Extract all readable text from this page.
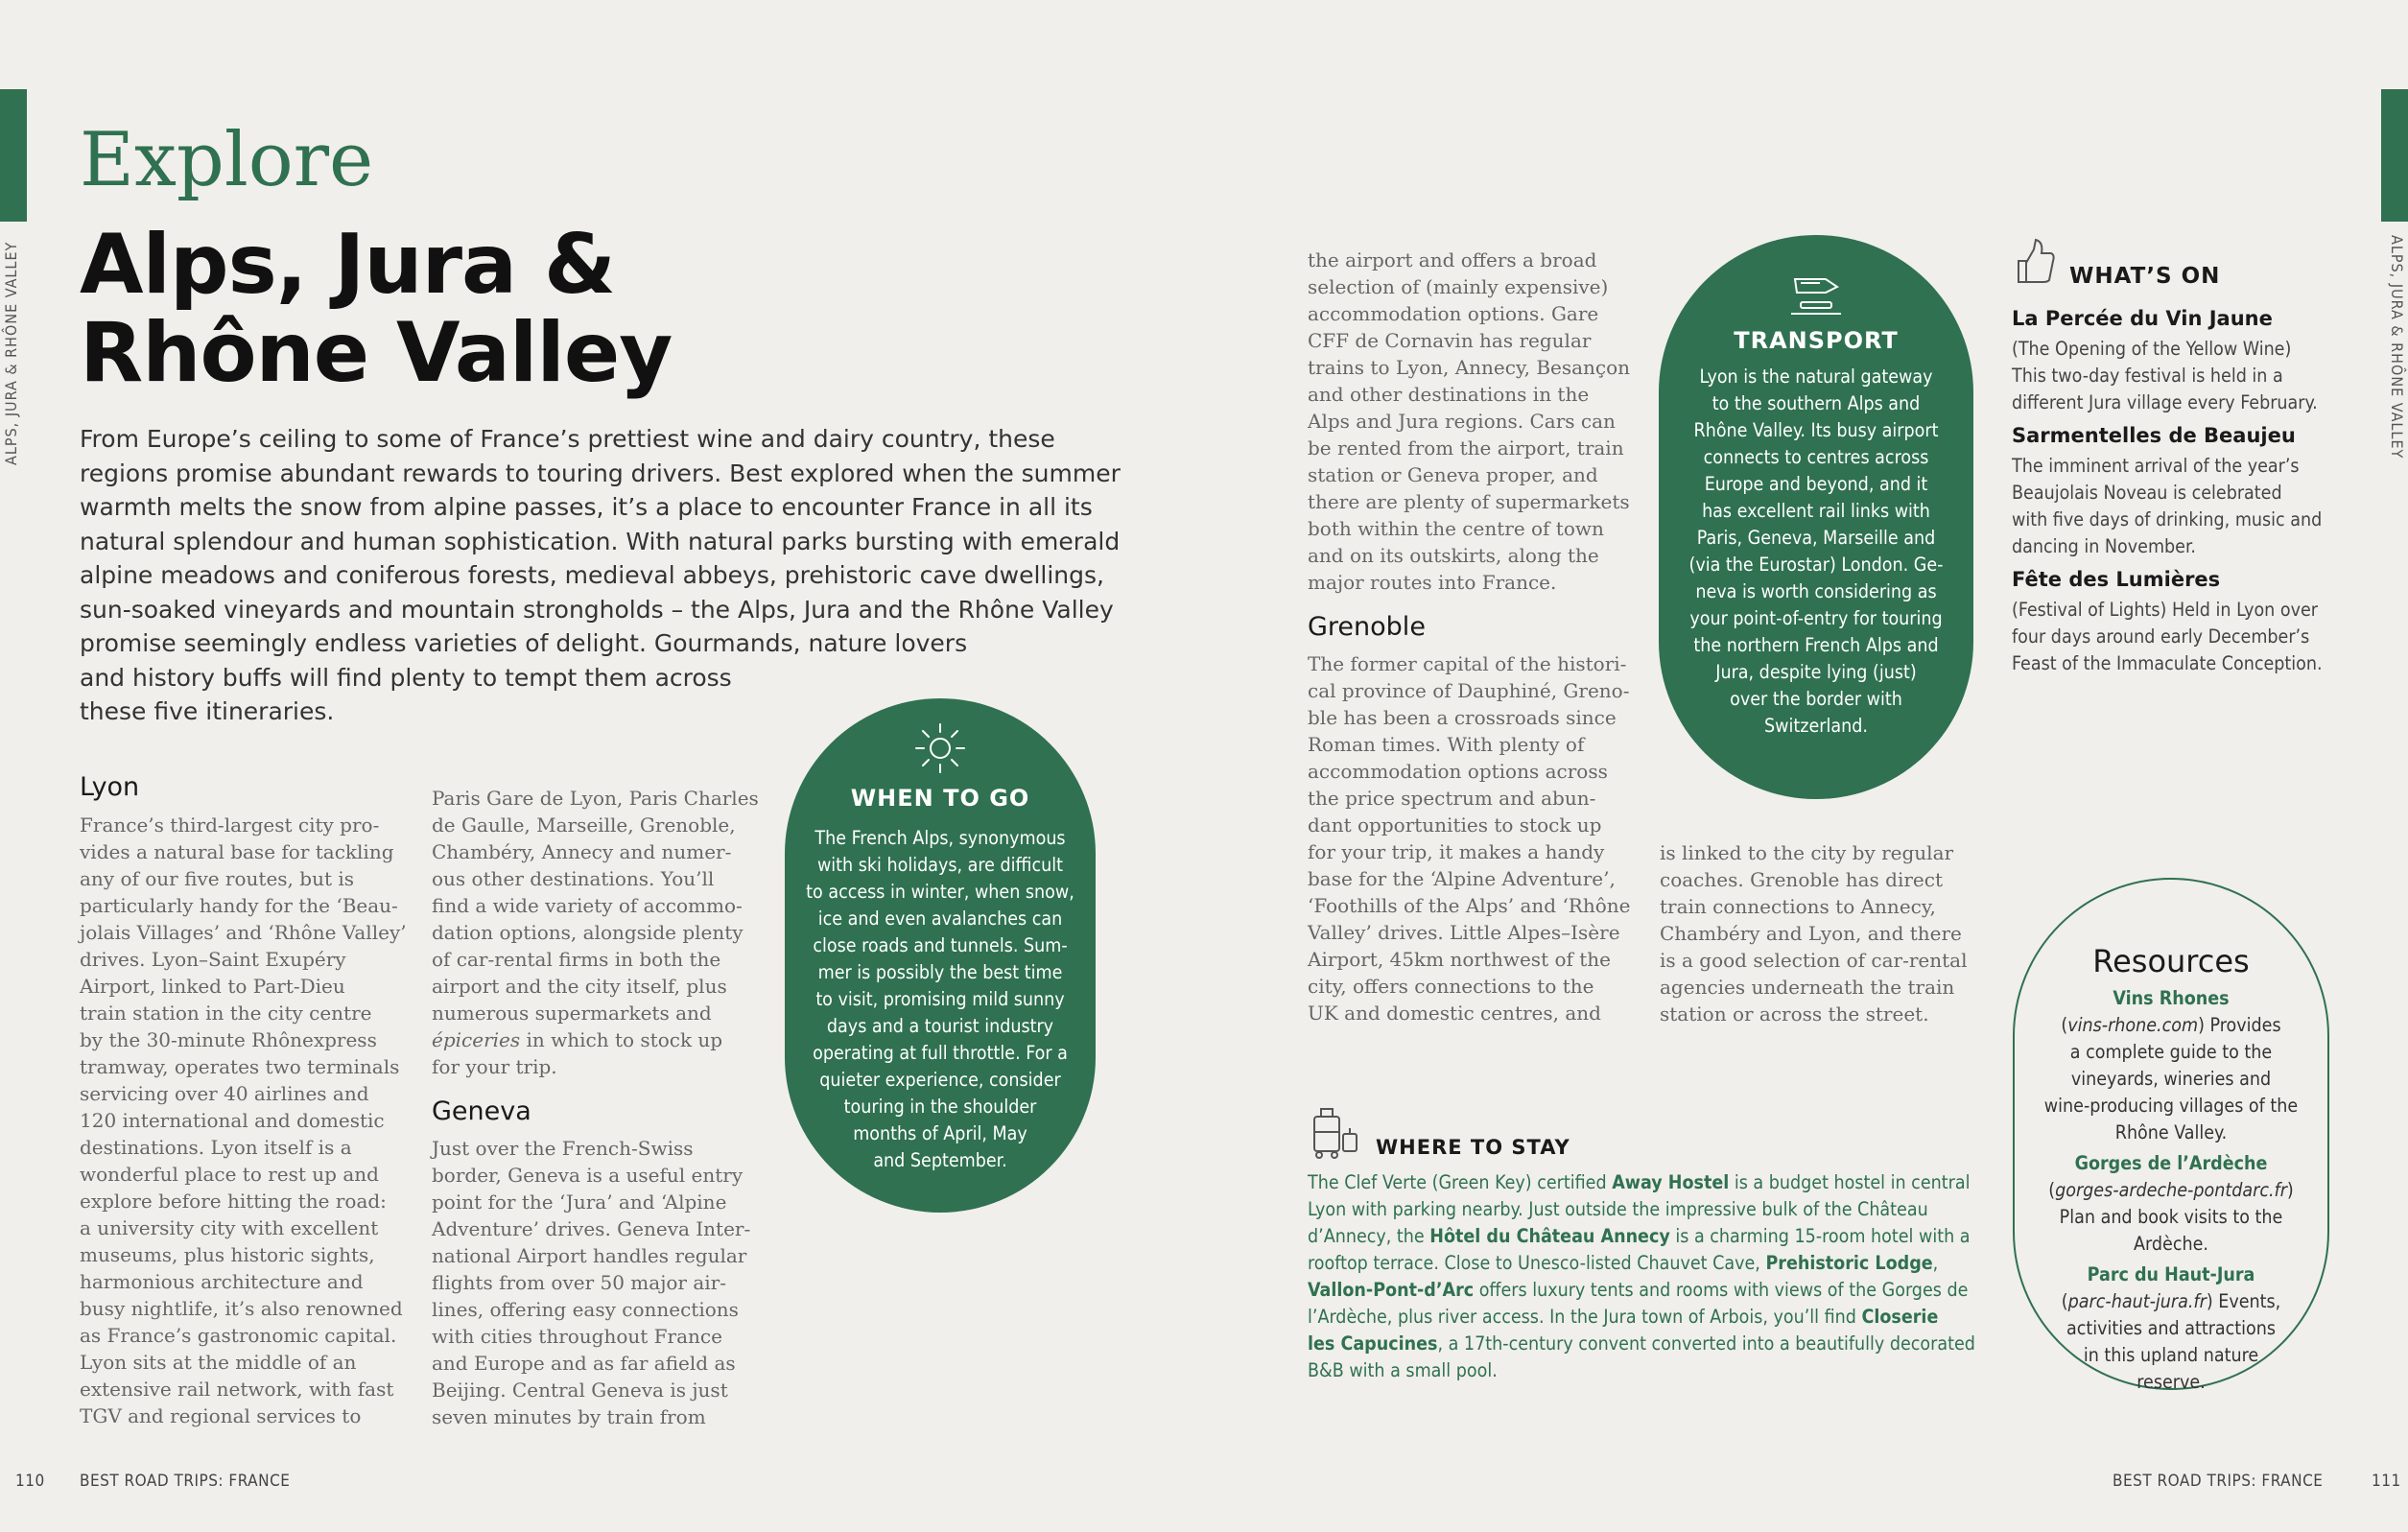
ALPS, JURA & RHÔNE VALLEY	ALPS, JURA & RHÔNE VALLEY
Explore
Alps, Jura &
Rhône Valley
From Europe’s ceiling to some of France’s prettiest wine and dairy country, these
regions promise abundant rewards to touring drivers. Best explored when the summer
warmth melts the snow from alpine passes, it’s a place to encounter France in all its
natural splendour and human sophistication. With natural parks bursting with emerald
alpine meadows and coniferous forests, medieval abbeys, prehistoric cave dwellings,
sun-soaked vineyards and mountain strongholds – the Alps, Jura and the Rhône Valley
promise seemingly endless varieties of delight. Gourmands, nature lovers
and history buffs will find plenty to tempt them across
these five itineraries.
Lyon
France’s third-largest city pro-
vides a natural base for tackling
any of our five routes, but is
particularly handy for the ‘Beau-
jolais Villages’ and ‘Rhône Valley’
drives. Lyon–Saint Exupéry
Airport, linked to Part-Dieu
train station in the city centre
by the 30-minute Rhônexpress
tramway, operates two terminals
servicing over 40 airlines and
120 international and domestic
destinations. Lyon itself is a
wonderful place to rest up and
explore before hitting the road:
a university city with excellent
museums, plus historic sights,
harmonious architecture and
busy nightlife, it’s also renowned
as France’s gastronomic capital.
Lyon sits at the middle of an
extensive rail network, with fast
TGV and regional services to
Paris Gare de Lyon, Paris Charles
de Gaulle, Marseille, Grenoble,
Chambéry, Annecy and numer-
ous other destinations. You’ll
find a wide variety of accommo-
dation options, alongside plenty
of car-rental firms in both the
airport and the city itself, plus
numerous supermarkets and
épiceries in which to stock up
for your trip.
Geneva
Just over the French-Swiss
border, Geneva is a useful entry
point for the ‘Jura’ and ‘Alpine
Adventure’ drives. Geneva Inter-
national Airport handles regular
flights from over 50 major air-
lines, offering easy connections
with cities throughout France
and Europe and as far afield as
Beijing. Central Geneva is just
seven minutes by train from
WHEN TO GO
The French Alps, synonymous
with ski holidays, are difficult
to access in winter, when snow,
ice and even avalanches can
close roads and tunnels. Sum-
mer is possibly the best time
to visit, promising mild sunny
days and a tourist industry
operating at full throttle. For a
quieter experience, consider
touring in the shoulder
months of April, May
and September.
the airport and offers a broad
selection of (mainly expensive)
accommodation options. Gare
CFF de Cornavin has regular
trains to Lyon, Annecy, Besançon
and other destinations in the
Alps and Jura regions. Cars can
be rented from the airport, train
station or Geneva proper, and
there are plenty of supermarkets
both within the centre of town
and on its outskirts, along the
major routes into France.
Grenoble
The former capital of the histori-
cal province of Dauphiné, Greno-
ble has been a crossroads since
Roman times. With plenty of
accommodation options across
the price spectrum and abun-
dant opportunities to stock up
for your trip, it makes a handy
base for the ‘Alpine Adventure’,
‘Foothills of the Alps’ and ‘Rhône
Valley’ drives. Little Alpes–Isère
Airport, 45km northwest of the
city, offers connections to the
UK and domestic centres, and
is linked to the city by regular
coaches. Grenoble has direct
train connections to Annecy,
Chambéry and Lyon, and there
is a good selection of car-rental
agencies underneath the train
station or across the street.
TRANSPORT
Lyon is the natural gateway
to the southern Alps and
Rhône Valley. Its busy airport
connects to centres across
Europe and beyond, and it
has excellent rail links with
Paris, Geneva, Marseille and
(via the Eurostar) London. Ge-
neva is worth considering as
your point-of-entry for touring
the northern French Alps and
Jura, despite lying (just)
over the border with
Switzerland.
WHAT’S ON
La Percée du Vin Jaune
(The Opening of the Yellow Wine)
This two-day festival is held in a
different Jura village every February.
Sarmentelles de Beaujeu
The imminent arrival of the year’s
Beaujolais Noveau is celebrated
with five days of drinking, music and
dancing in November.
Fête des Lumières
(Festival of Lights) Held in Lyon over
four days around early December’s
Feast of the Immaculate Conception.
WHERE TO STAY
The Clef Verte (Green Key) certified Away Hostel is a budget hostel in central
Lyon with parking nearby. Just outside the impressive bulk of the Château
d’Annecy, the Hôtel du Château Annecy is a charming 15-room hotel with a
rooftop terrace. Close to Unesco-listed Chauvet Cave, Prehistoric Lodge,
Vallon-Pont-d’Arc offers luxury tents and rooms with views of the Gorges de
l’Ardèche, plus river access. In the Jura town of Arbois, you’ll find Closerie
les Capucines, a 17th-century convent converted into a beautifully decorated
B&B with a small pool.
Resources
Vins Rhones
(vins-rhone.com) Provides
a complete guide to the
vineyards, wineries and
wine-producing villages of the
Rhône Valley.
Gorges de l’Ardèche
(gorges-ardeche-pontdarc.fr)
Plan and book visits to the
Ardèche.
Parc du Haut-Jura
(parc-haut-jura.fr) Events,
activities and attractions
in this upland nature
reserve.
110 BEST ROAD TRIPS: FRANCE	BEST ROAD TRIPS: FRANCE	111
